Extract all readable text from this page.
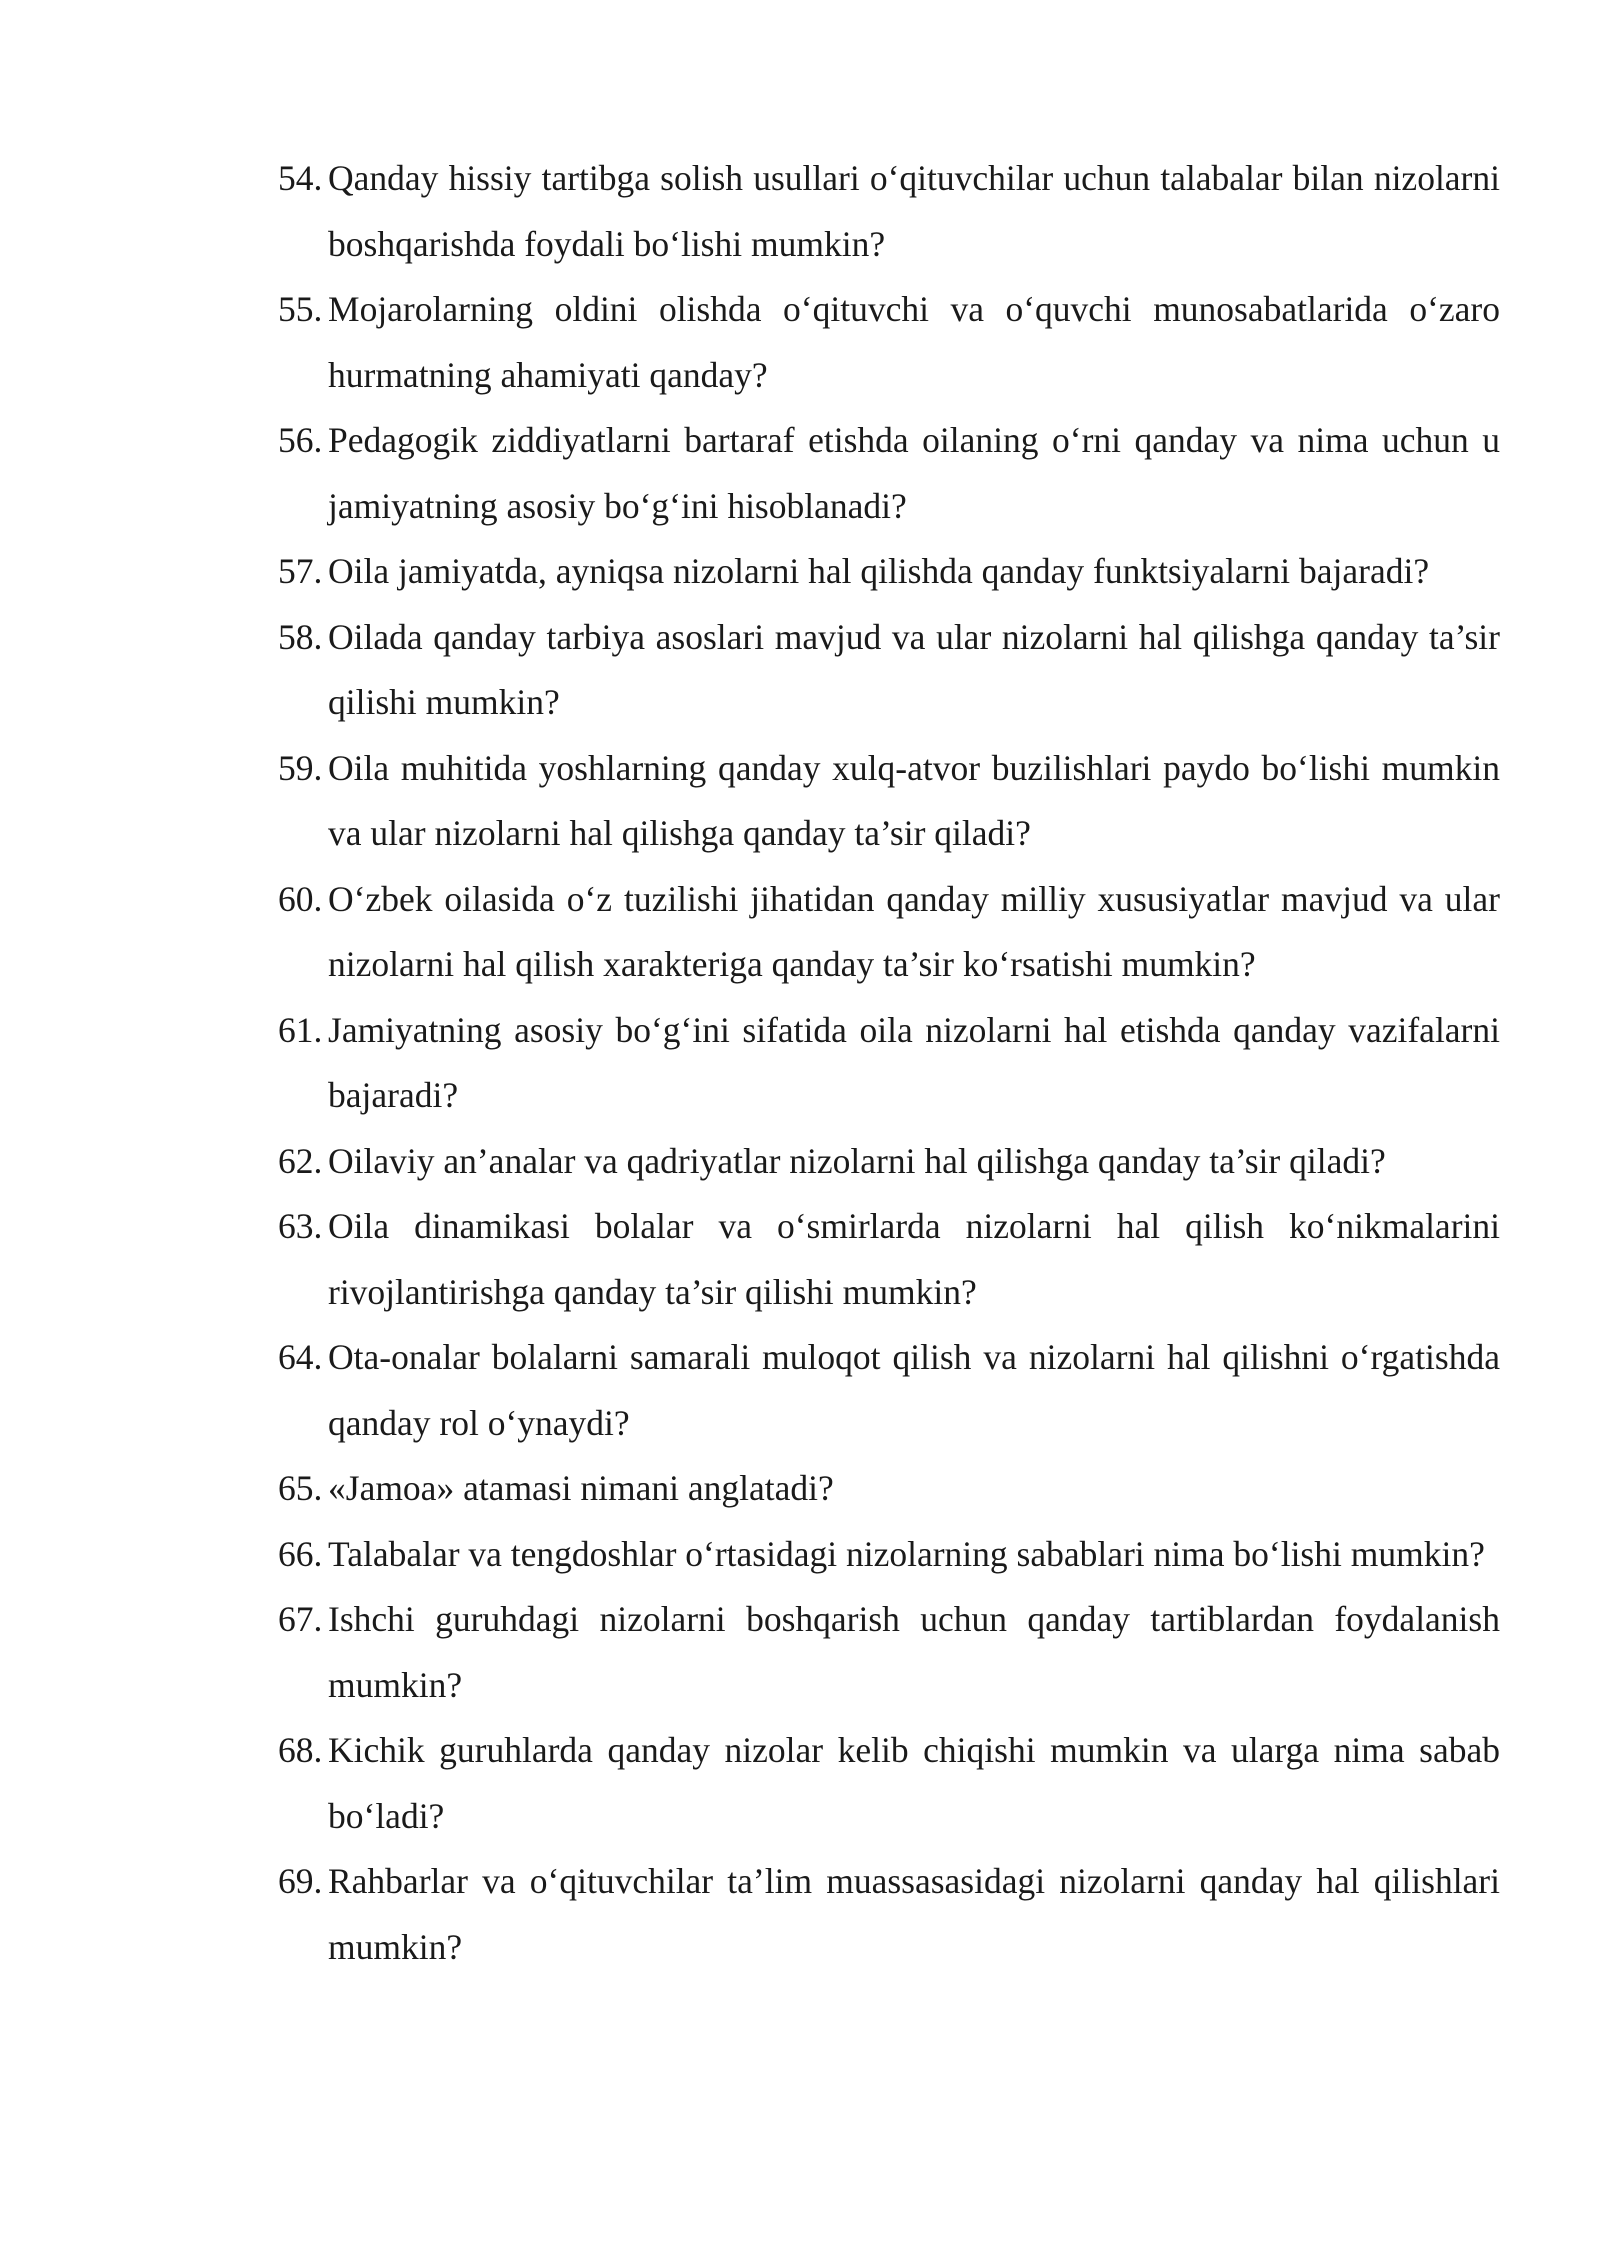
54. Qanday hissiy tartibga solish usullari o‘qituvchilar uchun talabalar bilan nizolarni boshqarishda foydali bo‘lishi mumkin?
55. Mojarolarning oldini olishda o‘qituvchi va o‘quvchi munosabatlarida o‘zaro hurmatning ahamiyati qanday?
56. Pedagogik ziddiyatlarni bartaraf etishda oilaning o‘rni qanday va nima uchun u jamiyatning asosiy bo‘g‘ini hisoblanadi?
57. Oila jamiyatda, ayniqsa nizolarni hal qilishda qanday funktsiyalarni bajaradi?
58. Oilada qanday tarbiya asoslari mavjud va ular nizolarni hal qilishga qanday ta’sir qilishi mumkin?
59. Oila muhitida yoshlarning qanday xulq-atvor buzilishlari paydo bo‘lishi mumkin va ular nizolarni hal qilishga qanday ta’sir qiladi?
60. O‘zbek oilasida o‘z tuzilishi jihatidan qanday milliy xususiyatlar mavjud va ular nizolarni hal qilish xarakteriga qanday ta’sir ko‘rsatishi mumkin?
61. Jamiyatning asosiy bo‘g‘ini sifatida oila nizolarni hal etishda qanday vazifalarni bajaradi?
62. Oilaviy an’analar va qadriyatlar nizolarni hal qilishga qanday ta’sir qiladi?
63. Oila dinamikasi bolalar va o‘smirlarda nizolarni hal qilish ko‘nikmalarini rivojlantirishga qanday ta’sir qilishi mumkin?
64. Ota-onalar bolalarni samarali muloqot qilish va nizolarni hal qilishni o‘rgatishda qanday rol o‘ynaydi?
65. «Jamoa» atamasi nimani anglatadi?
66. Talabalar va tengdoshlar o‘rtasidagi nizolarning sabablari nima bo‘lishi mumkin?
67. Ishchi guruhdagi nizolarni boshqarish uchun qanday tartiblardan foydalanish mumkin?
68. Kichik guruhlarda qanday nizolar kelib chiqishi mumkin va ularga nima sabab bo‘ladi?
69. Rahbarlar va o‘qituvchilar ta’lim muassasasidagi nizolarni qanday hal qilishlari mumkin?
